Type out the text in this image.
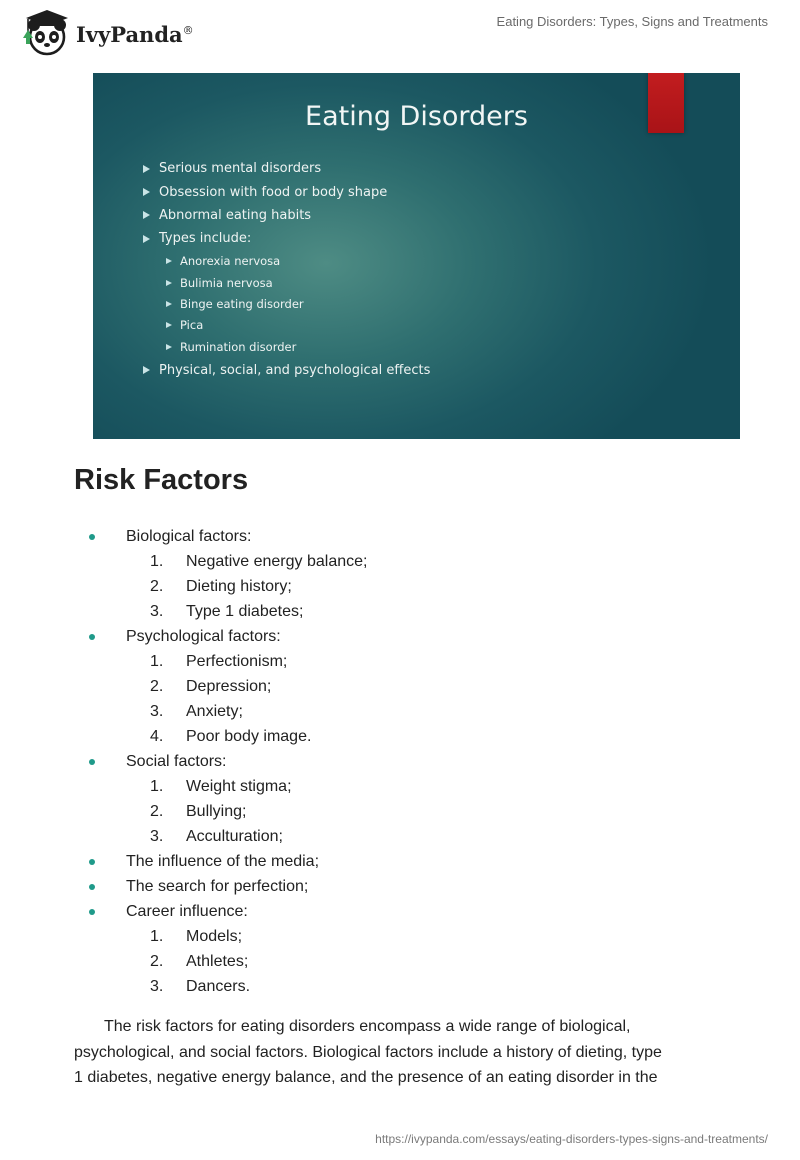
IvyPanda®
Eating Disorders: Types, Signs and Treatments
Eating Disorders
Serious mental disorders
Obsession with food or body shape
Abnormal eating habits
Types include:
Anorexia nervosa
Bulimia nervosa
Binge eating disorder
Pica
Rumination disorder
Physical, social, and psychological effects
Risk Factors
Biological factors:
1. Negative energy balance;
2. Dieting history;
3. Type 1 diabetes;
Psychological factors:
1. Perfectionism;
2. Depression;
3. Anxiety;
4. Poor body image.
Social factors:
1. Weight stigma;
2. Bullying;
3. Acculturation;
The influence of the media;
The search for perfection;
Career influence:
1. Models;
2. Athletes;
3. Dancers.

The risk factors for eating disorders encompass a wide range of biological, psychological, and social factors. Biological factors include a history of dieting, type 1 diabetes, negative energy balance, and the presence of an eating disorder in the

https://ivypanda.com/essays/eating-disorders-types-signs-and-treatments/
